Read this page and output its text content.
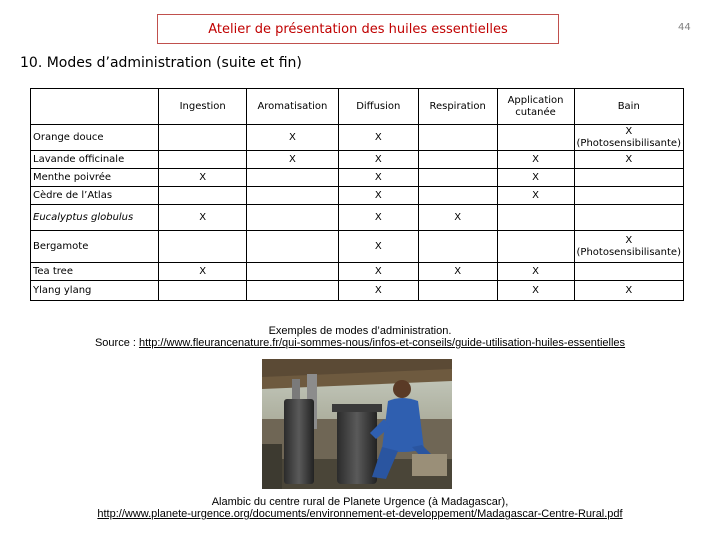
Atelier de présentation des huiles essentielles	44
10. Modes d’administration (suite et fin)
	Ingestion	Aromatisation	Diffusion	Respiration	Application cutanée	Bain
Orange douce		X	X			X
(Photosensibilisante)

Lavande officinale		X	X		X	X
Menthe poivrée	X		X		X	
Cèdre de l’Atlas			X		X	
Eucalyptus globulus	X		X	X		
Bergamote			X			X
(Photosensibilisante)

Tea tree	X		X	X	X	
Ylang ylang			X		X	X
Exemples de modes d’administration.
Source : http://www.fleurancenature.fr/qui-sommes-nous/infos-et-conseils/guide-utilisation-huiles-essentielles
Alambic du centre rural de Planete Urgence (à Madagascar),
http://www.planete-urgence.org/documents/environnement-et-developpement/Madagascar-Centre-Rural.pdf
